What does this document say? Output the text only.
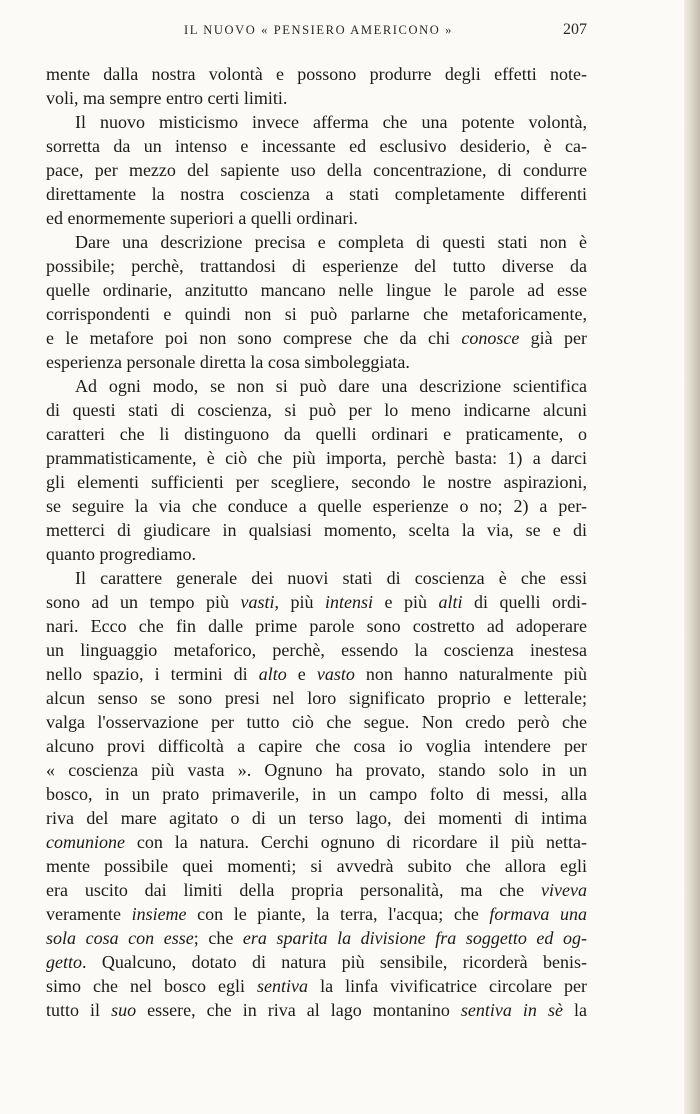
IL NUOVO « PENSIERO AMERICONO »	207
mente dalla nostra volontà e possono produrre degli effetti note-
voli, ma sempre entro certi limiti.
Il nuovo misticismo invece afferma che una potente volontà,
sorretta da un intenso e incessante ed esclusivo desiderio, è ca-
pace, per mezzo del sapiente uso della concentrazione, di condurre
direttamente la nostra coscienza a stati completamente differenti
ed enormemente superiori a quelli ordinari.
Dare una descrizione precisa e completa di questi stati non è
possibile; perchè, trattandosi di esperienze del tutto diverse da
quelle ordinarie, anzitutto mancano nelle lingue le parole ad esse
corrispondenti e quindi non si può parlarne che metaforicamente,
e le metafore poi non sono comprese che da chi conosce già per
esperienza personale diretta la cosa simboleggiata.
Ad ogni modo, se non si può dare una descrizione scientifica
di questi stati di coscienza, si può per lo meno indicarne alcuni
caratteri che li distinguono da quelli ordinari e praticamente, o
prammatisticamente, è ciò che più importa, perchè basta: 1) a darci
gli elementi sufficienti per scegliere, secondo le nostre aspirazioni,
se seguire la via che conduce a quelle esperienze o no; 2) a per-
metterci di giudicare in qualsiasi momento, scelta la via, se e di
quanto progrediamo.
Il carattere generale dei nuovi stati di coscienza è che essi
sono ad un tempo più vasti, più intensi e più alti di quelli ordi-
nari. Ecco che fin dalle prime parole sono costretto ad adoperare
un linguaggio metaforico, perchè, essendo la coscienza inestesa
nello spazio, i termini di alto e vasto non hanno naturalmente più
alcun senso se sono presi nel loro significato proprio e letterale;
valga l'osservazione per tutto ciò che segue. Non credo però che
alcuno provi difficoltà a capire che cosa io voglia intendere per
« coscienza più vasta ». Ognuno ha provato, stando solo in un
bosco, in un prato primaverile, in un campo folto di messi, alla
riva del mare agitato o di un terso lago, dei momenti di intima
comunione con la natura. Cerchi ognuno di ricordare il più netta-
mente possibile quei momenti; si avvedrà subito che allora egli
era uscito dai limiti della propria personalità, ma che viveva
veramente insieme con le piante, la terra, l'acqua; che formava una
sola cosa con esse; che era sparita la divisione fra soggetto ed og-
getto. Qualcuno, dotato di natura più sensibile, ricorderà benis-
simo che nel bosco egli sentiva la linfa vivificatrice circolare per
tutto il suo essere, che in riva al lago montanino sentiva in sè la
